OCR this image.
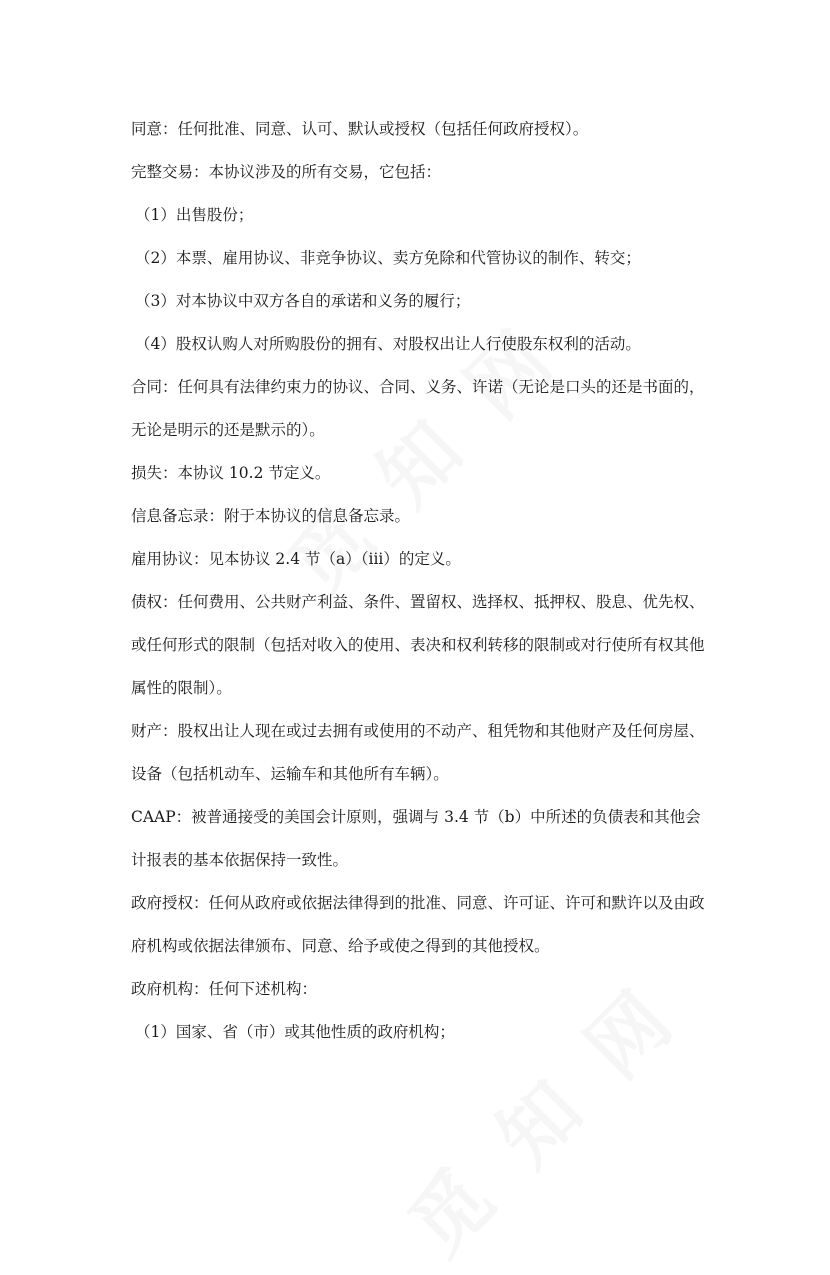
同意：任何批准、同意、认可、默认或授权（包括任何政府授权）。

完整交易：本协议涉及的所有交易，它包括：

（1）出售股份；

（2）本票、雇用协议、非竞争协议、卖方免除和代管协议的制作、转交；

（3）对本协议中双方各自的承诺和义务的履行；

（4）股权认购人对所购股份的拥有、对股权出让人行使股东权利的活动。

合同：任何具有法律约束力的协议、合同、义务、许诺（无论是口头的还是书面的，无论是明示的还是默示的）。

损失：本协议 10.2 节定义。

信息备忘录：附于本协议的信息备忘录。

雇用协议：见本协议 2.4 节（a）（iii）的定义。

债权：任何费用、公共财产利益、条件、置留权、选择权、抵押权、股息、优先权、或任何形式的限制（包括对收入的使用、表决和权利转移的限制或对行使所有权其他属性的限制）。

财产：股权出让人现在或过去拥有或使用的不动产、租凭物和其他财产及任何房屋、设备（包括机动车、运输车和其他所有车辆）。

CAAP：被普通接受的美国会计原则，强调与 3.4 节（b）中所述的负债表和其他会计报表的基本依据保持一致性。

政府授权：任何从政府或依据法律得到的批准、同意、许可证、许可和默许以及由政府机构或依据法律颁布、同意、给予或使之得到的其他授权。

政府机构：任何下述机构：

（1）国家、省（市）或其他性质的政府机构；
